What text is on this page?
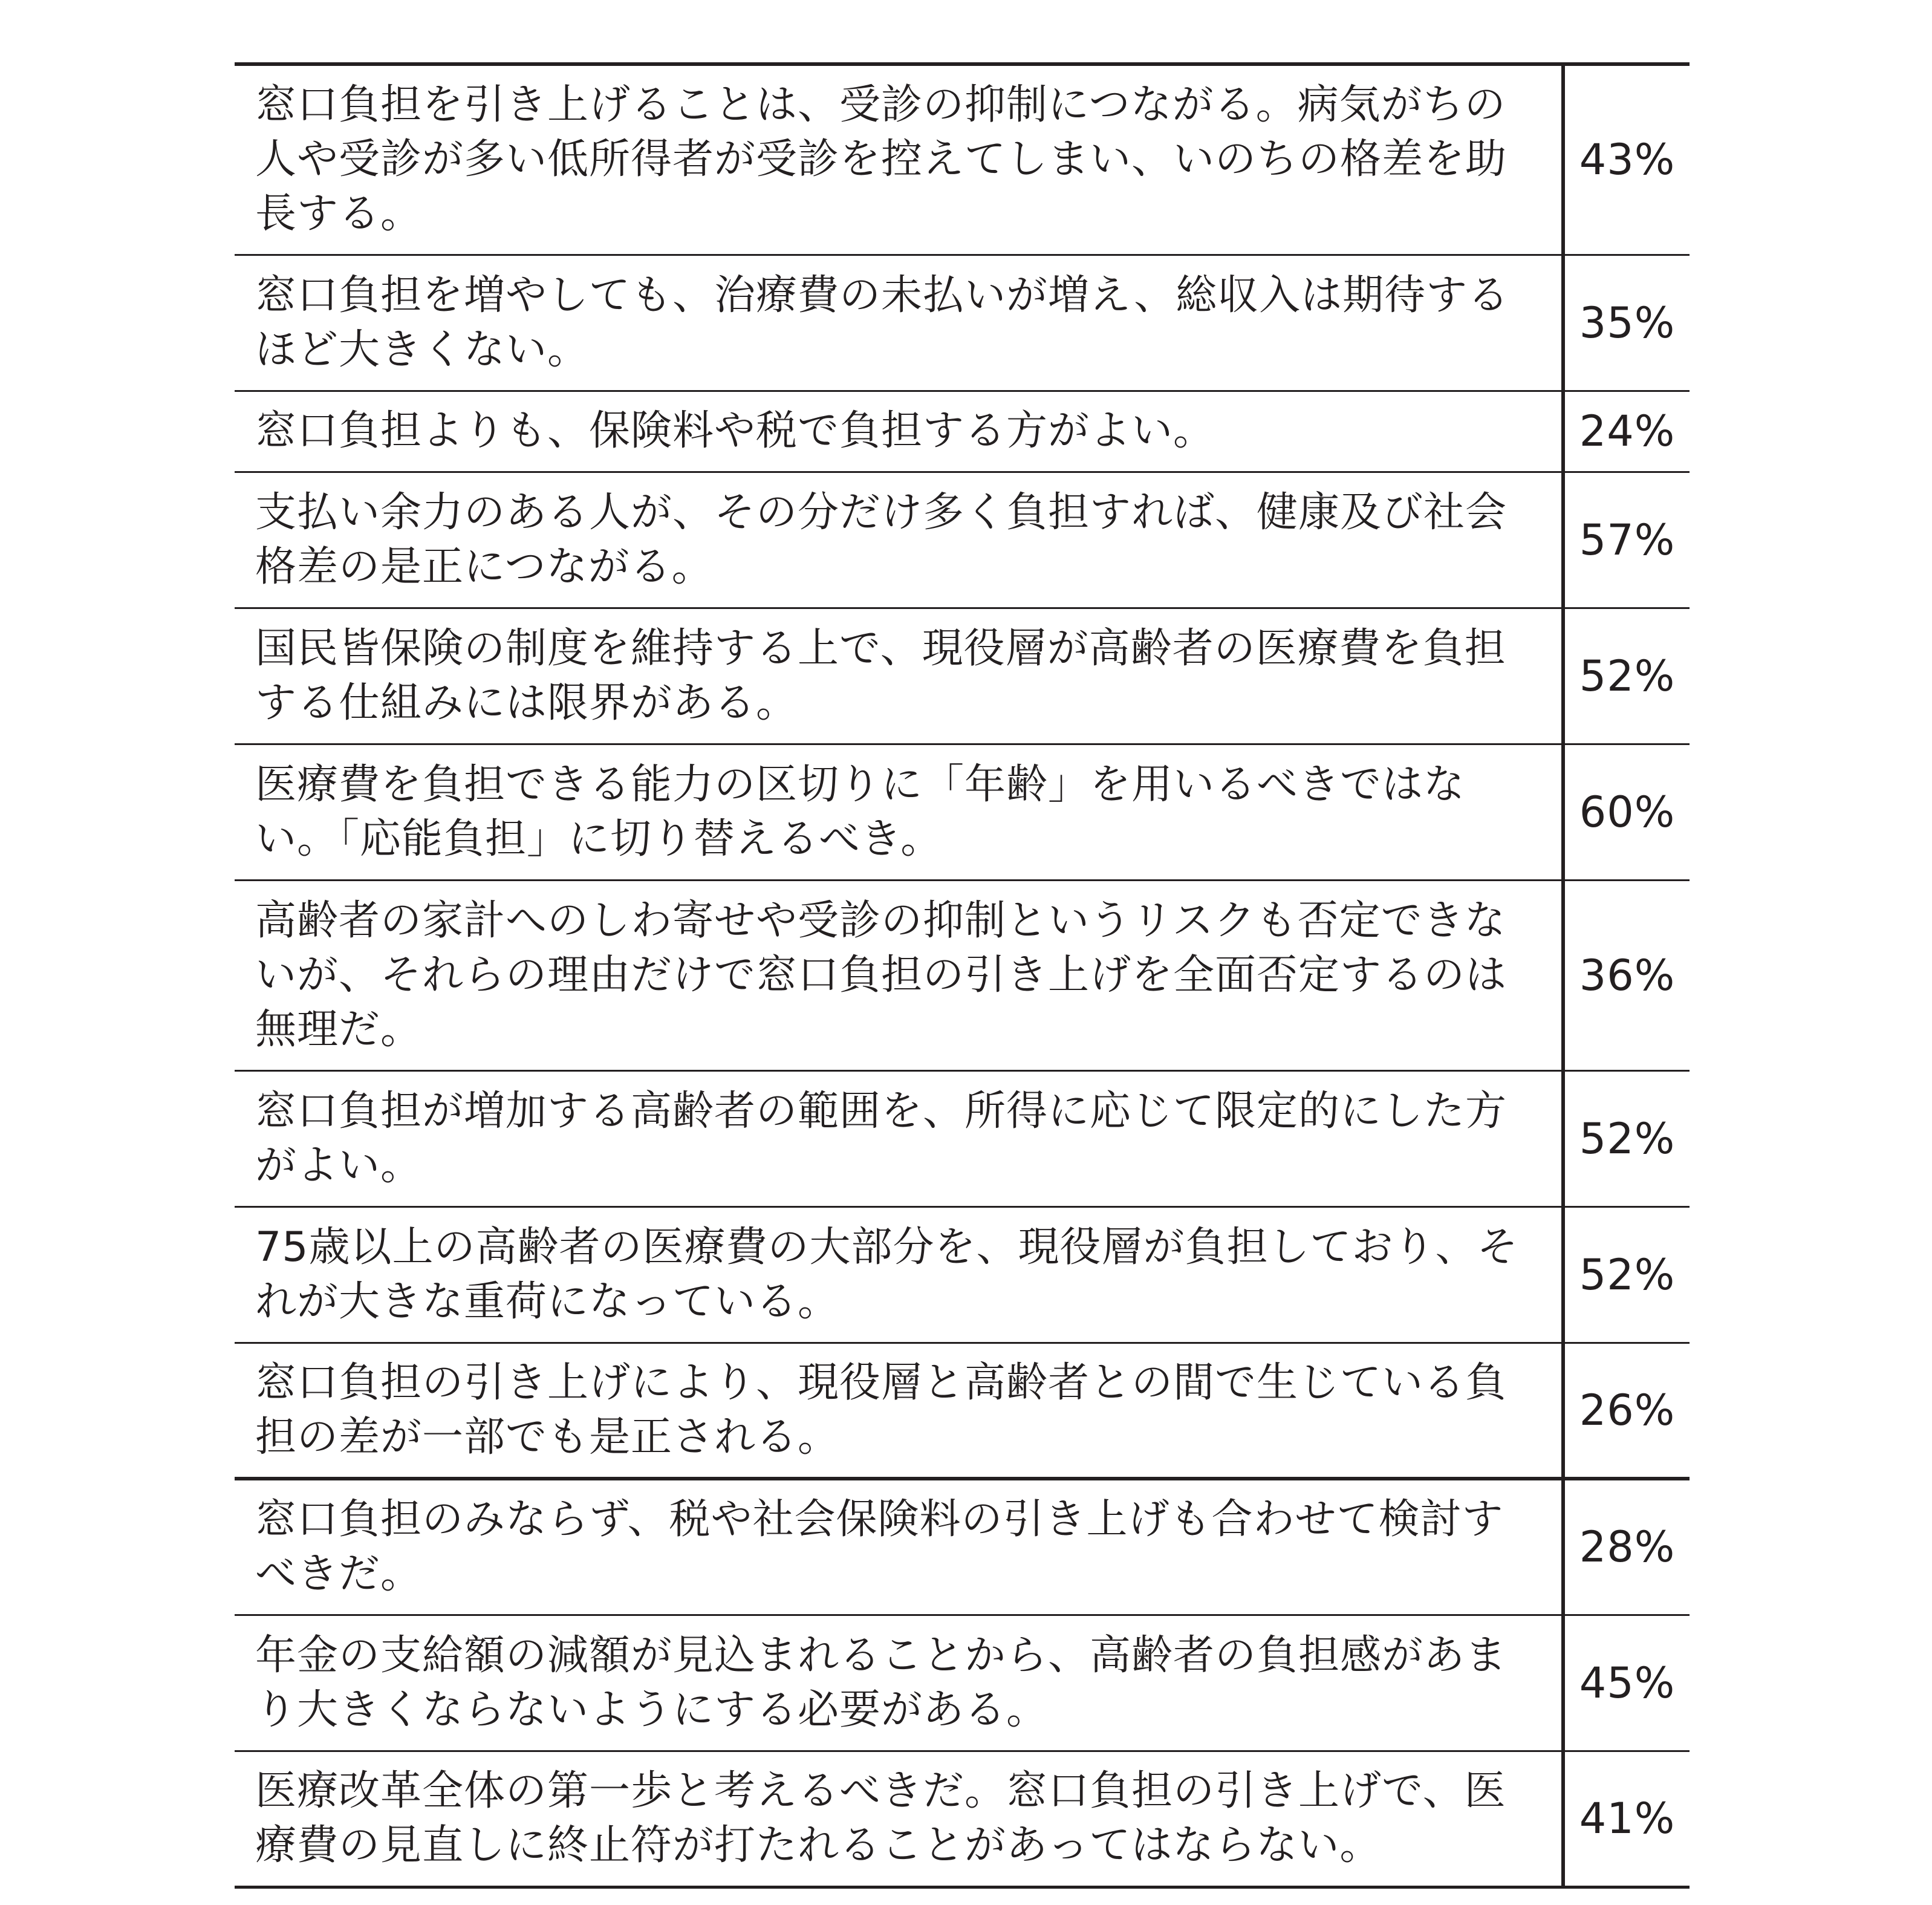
窓口負担を引き上げることは、受診の抑制につながる。病気がちの人や受診が多い低所得者が受診を控えてしまい、いのちの格差を助長する。	43%
窓口負担を増やしても、治療費の未払いが増え、総収入は期待するほど大きくない。	35%
窓口負担よりも、保険料や税で負担する方がよい。	24%
支払い余力のある人が、その分だけ多く負担すれば、健康及び社会格差の是正につながる。	57%
国民皆保険の制度を維持する上で、現役層が高齢者の医療費を負担する仕組みには限界がある。	52%
医療費を負担できる能力の区切りに「年齢」を用いるべきではない。「応能負担」に切り替えるべき。	60%
高齢者の家計へのしわ寄せや受診の抑制というリスクも否定できないが、それらの理由だけで窓口負担の引き上げを全面否定するのは無理だ。	36%
窓口負担が増加する高齢者の範囲を、所得に応じて限定的にした方がよい。	52%
75歳以上の高齢者の医療費の大部分を、現役層が負担しており、それが大きな重荷になっている。	52%
窓口負担の引き上げにより、現役層と高齢者との間で生じている負担の差が一部でも是正される。	26%
窓口負担のみならず、税や社会保険料の引き上げも合わせて検討すべきだ。	28%
年金の支給額の減額が見込まれることから、高齢者の負担感があまり大きくならないようにする必要がある。	45%
医療改革全体の第一歩と考えるべきだ。窓口負担の引き上げで、医療費の見直しに終止符が打たれることがあってはならない。	41%
